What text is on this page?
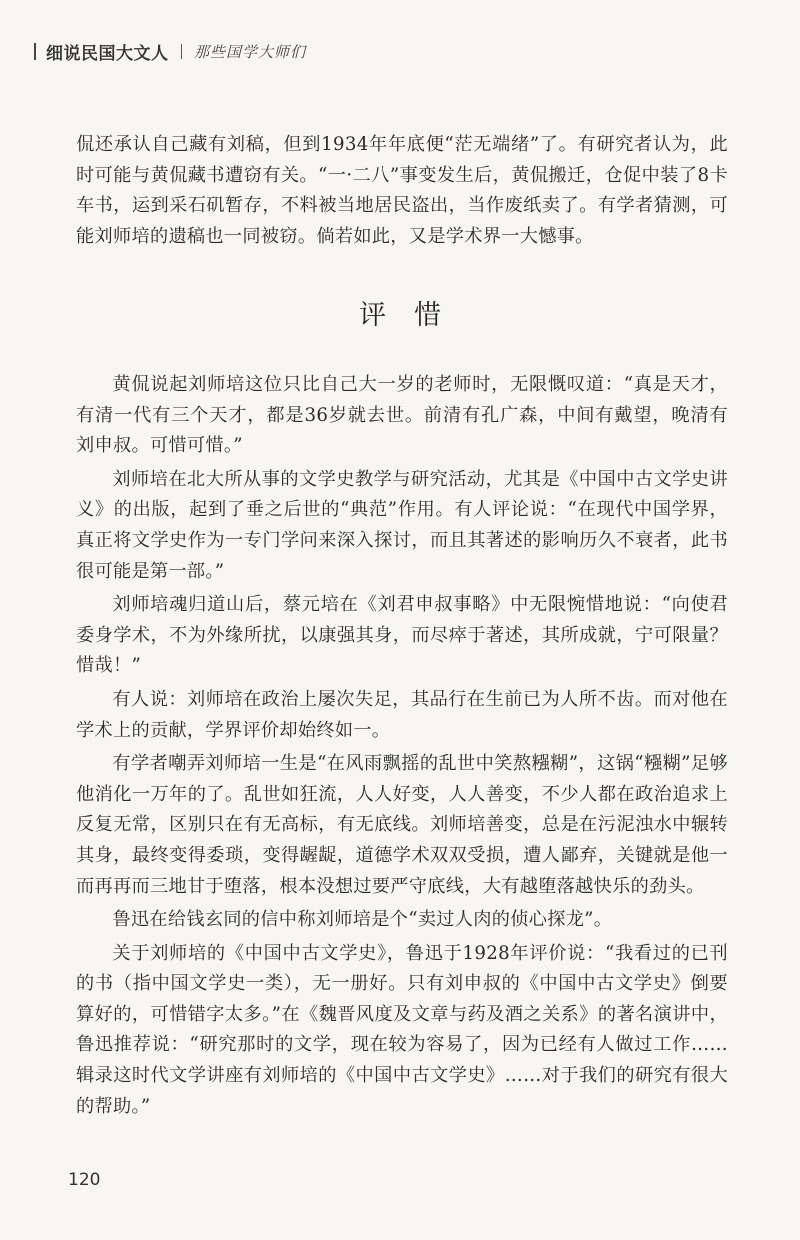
细说民国大文人 那些国学大师们

侃还承认自己藏有刘稿，但到1934年年底便“茫无端绪”了。有研究者认为，此时可能与黄侃藏书遭窃有关。“一·二八”事变发生后，黄侃搬迁，仓促中装了8卡车书，运到采石矶暂存，不料被当地居民盗出，当作废纸卖了。有学者猜测，可能刘师培的遗稿也一同被窃。倘若如此，又是学术界一大憾事。

评惜

黄侃说起刘师培这位只比自己大一岁的老师时，无限慨叹道：“真是天才，有清一代有三个天才，都是36岁就去世。前清有孔广森，中间有戴望，晚清有刘申叔。可惜可惜。”

刘师培在北大所从事的文学史教学与研究活动，尤其是《中国中古文学史讲义》的出版，起到了垂之后世的“典范”作用。有人评论说：“在现代中国学界，真正将文学史作为一专门学问来深入探讨，而且其著述的影响历久不衰者，此书很可能是第一部。”

刘师培魂归道山后，蔡元培在《刘君申叔事略》中无限惋惜地说：“向使君委身学术，不为外缘所扰，以康强其身，而尽瘁于著述，其所成就，宁可限量？惜哉！”

有人说：刘师培在政治上屡次失足，其品行在生前已为人所不齿。而对他在学术上的贡献，学界评价却始终如一。

有学者嘲弄刘师培一生是“在风雨飘摇的乱世中笑熬糨糊”，这锅“糨糊”足够他消化一万年的了。乱世如狂流，人人好变，人人善变，不少人都在政治追求上反复无常，区别只在有无高标，有无底线。刘师培善变，总是在污泥浊水中辗转其身，最终变得委琐，变得龌龊，道德学术双双受损，遭人鄙弃，关键就是他一而再再而三地甘于堕落，根本没想过要严守底线，大有越堕落越快乐的劲头。

鲁迅在给钱玄同的信中称刘师培是个“卖过人肉的侦心探龙”。

关于刘师培的《中国中古文学史》，鲁迅于1928年评价说：“我看过的已刊的书（指中国文学史一类），无一册好。只有刘申叔的《中国中古文学史》倒要算好的，可惜错字太多。”在《魏晋风度及文章与药及酒之关系》的著名演讲中，鲁迅推荐说：“研究那时的文学，现在较为容易了，因为已经有人做过工作……辑录这时代文学讲座有刘师培的《中国中古文学史》……对于我们的研究有很大的帮助。”

120
